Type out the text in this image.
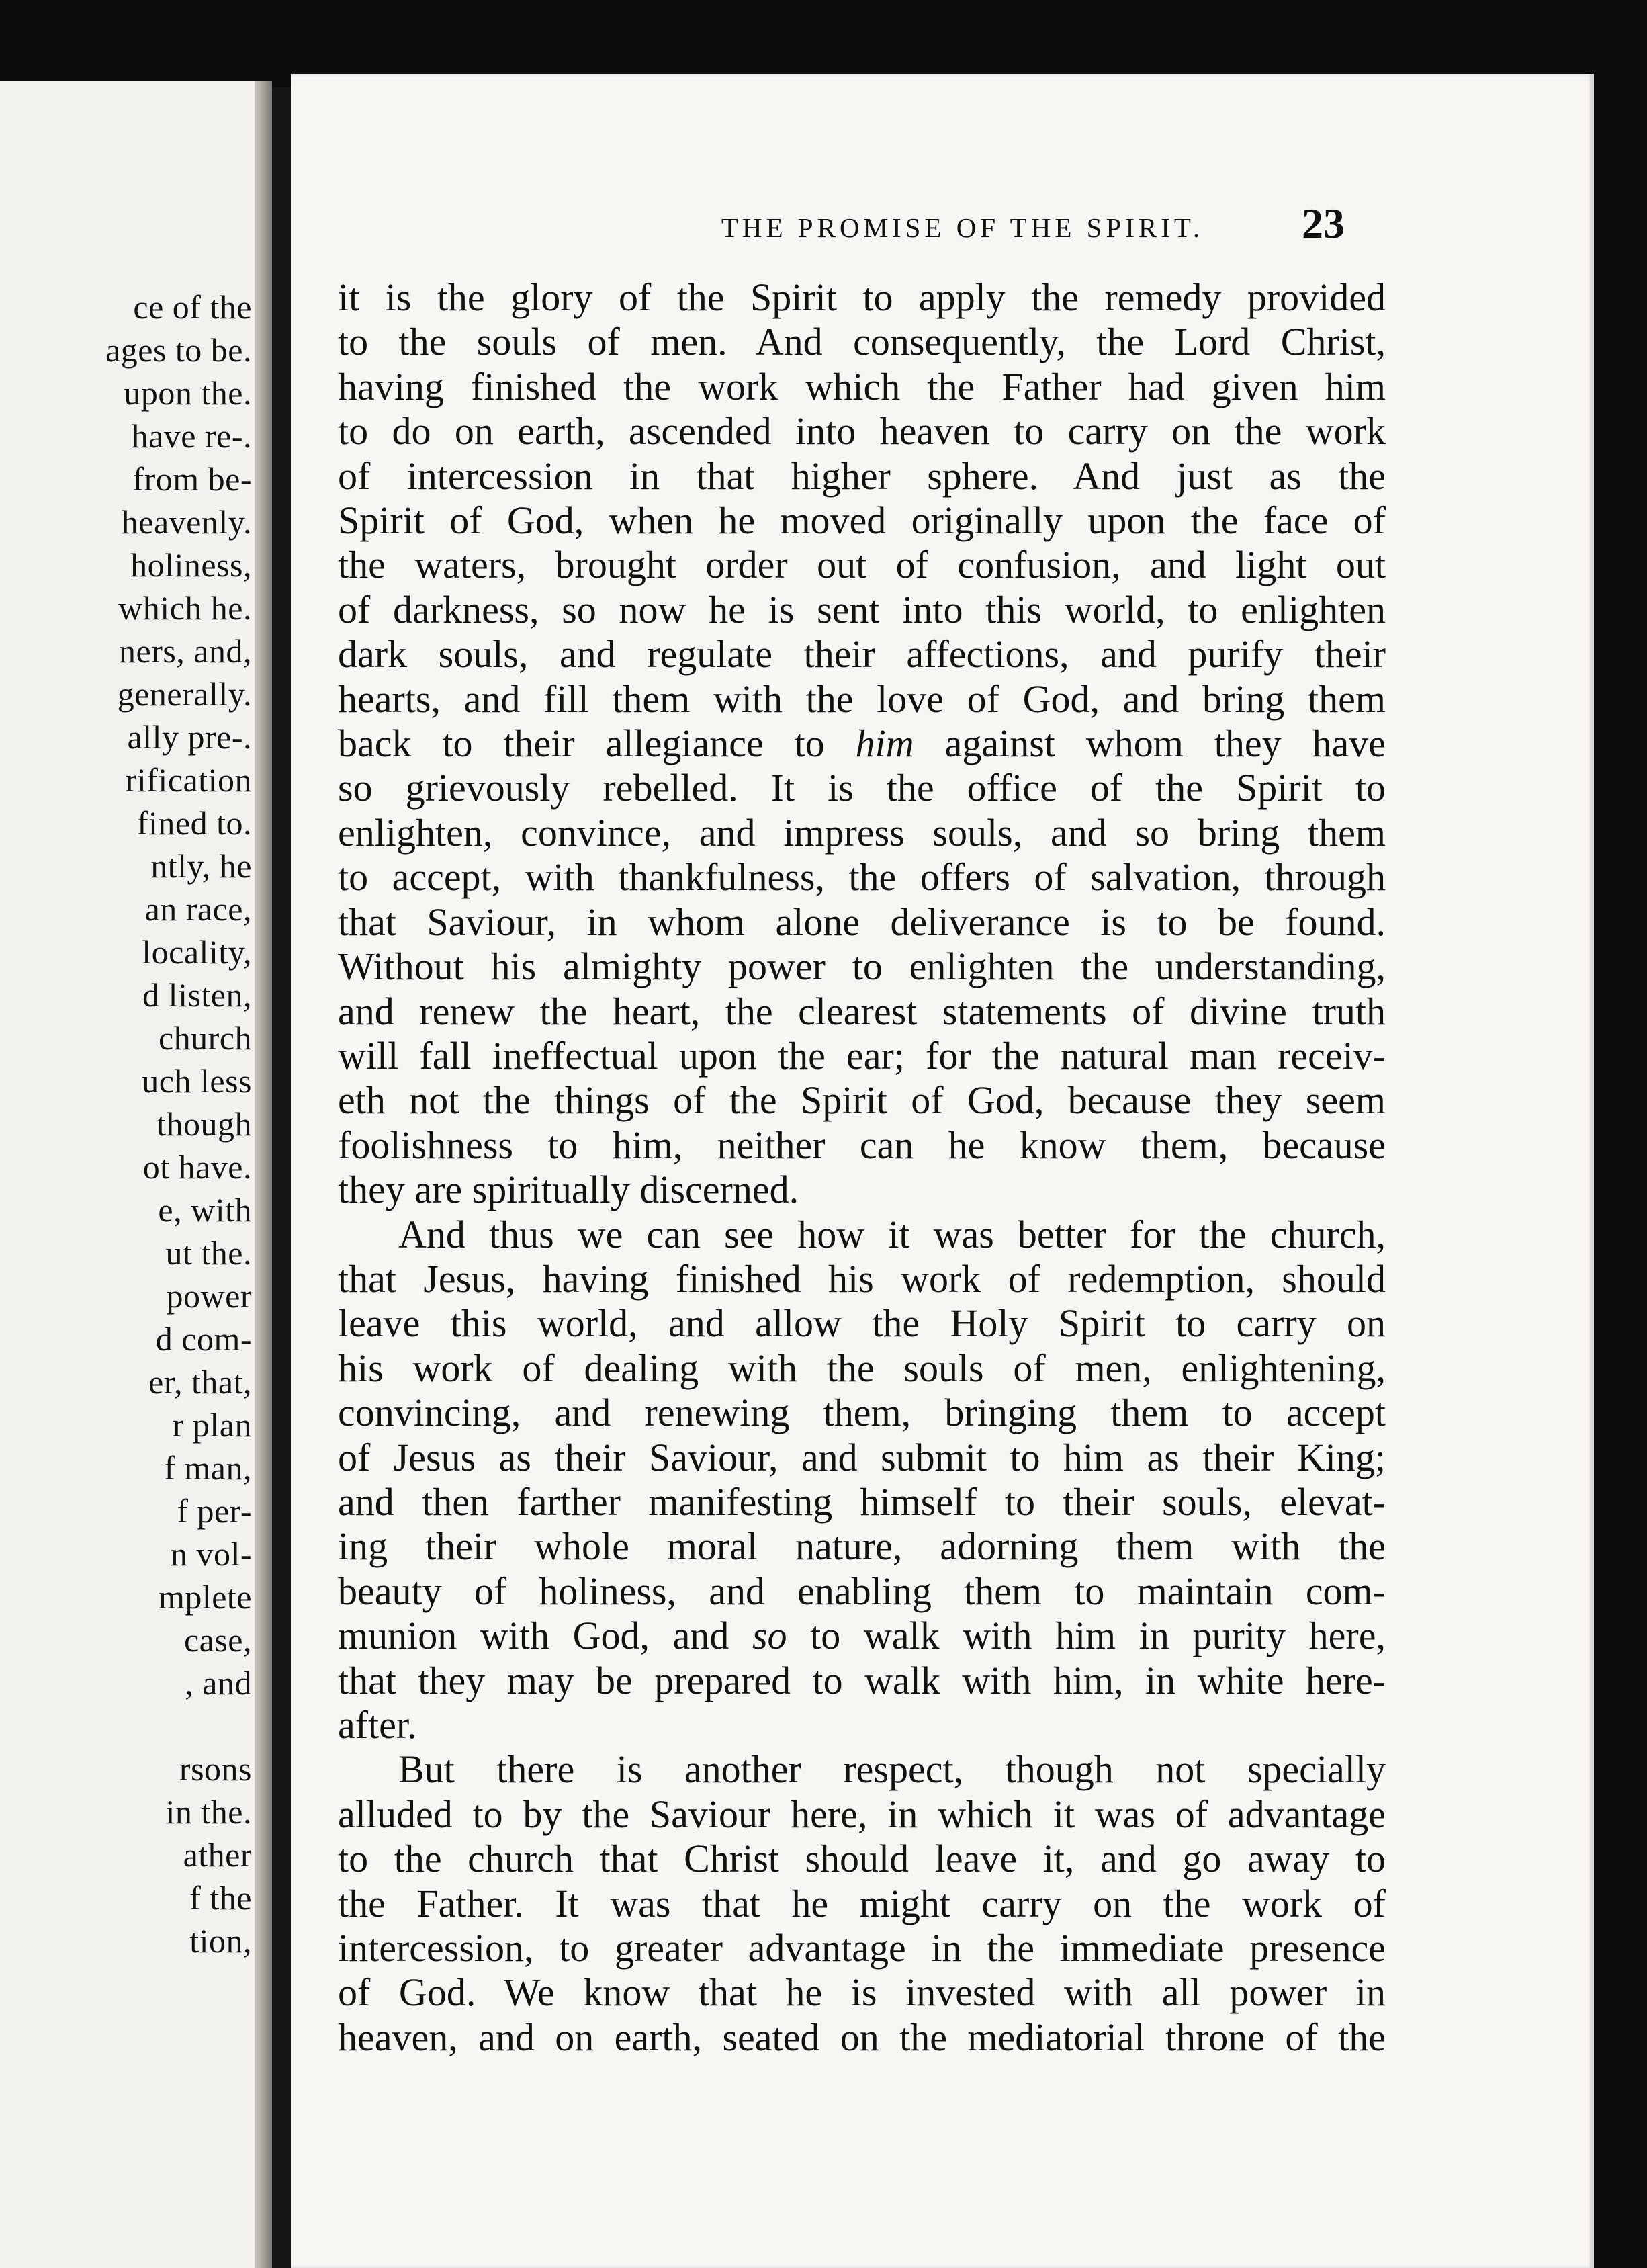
ce of the
ages to be.
upon the.
have re-.
from be-
heavenly.
holiness,
which he.
ners, and,
generally.
ally pre-.
rification
fined to.
ntly, he
an race,
locality,
d listen,
church
uch less
though
ot have.
e, with
ut the.
power
d com-
er, that,
r plan
f man,
f per-
n vol-
mplete
case,
, and
rsons
in the.
ather
f the
tion,
THE PROMISE OF THE SPIRIT.	23
it is the glory of the Spirit to apply the remedy provided
to the souls of men. And consequently, the Lord Christ,
having finished the work which the Father had given him
to do on earth, ascended into heaven to carry on the work
of intercession in that higher sphere. And just as the
Spirit of God, when he moved originally upon the face of
the waters, brought order out of confusion, and light out
of darkness, so now he is sent into this world, to enlighten
dark souls, and regulate their affections, and purify their
hearts, and fill them with the love of God, and bring them
back to their allegiance to him against whom they have
so grievously rebelled. It is the office of the Spirit to
enlighten, convince, and impress souls, and so bring them
to accept, with thankfulness, the offers of salvation, through
that Saviour, in whom alone deliverance is to be found.
Without his almighty power to enlighten the understanding,
and renew the heart, the clearest statements of divine truth
will fall ineffectual upon the ear; for the natural man receiv-
eth not the things of the Spirit of God, because they seem
foolishness to him, neither can he know them, because
they are spiritually discerned.
And thus we can see how it was better for the church,
that Jesus, having finished his work of redemption, should
leave this world, and allow the Holy Spirit to carry on
his work of dealing with the souls of men, enlightening,
convincing, and renewing them, bringing them to accept
of Jesus as their Saviour, and submit to him as their King;
and then farther manifesting himself to their souls, elevat-
ing their whole moral nature, adorning them with the
beauty of holiness, and enabling them to maintain com-
munion with God, and so to walk with him in purity here,
that they may be prepared to walk with him, in white here-
after.
But there is another respect, though not specially
alluded to by the Saviour here, in which it was of advantage
to the church that Christ should leave it, and go away to
the Father. It was that he might carry on the work of
intercession, to greater advantage in the immediate presence
of God. We know that he is invested with all power in
heaven, and on earth, seated on the mediatorial throne of the
